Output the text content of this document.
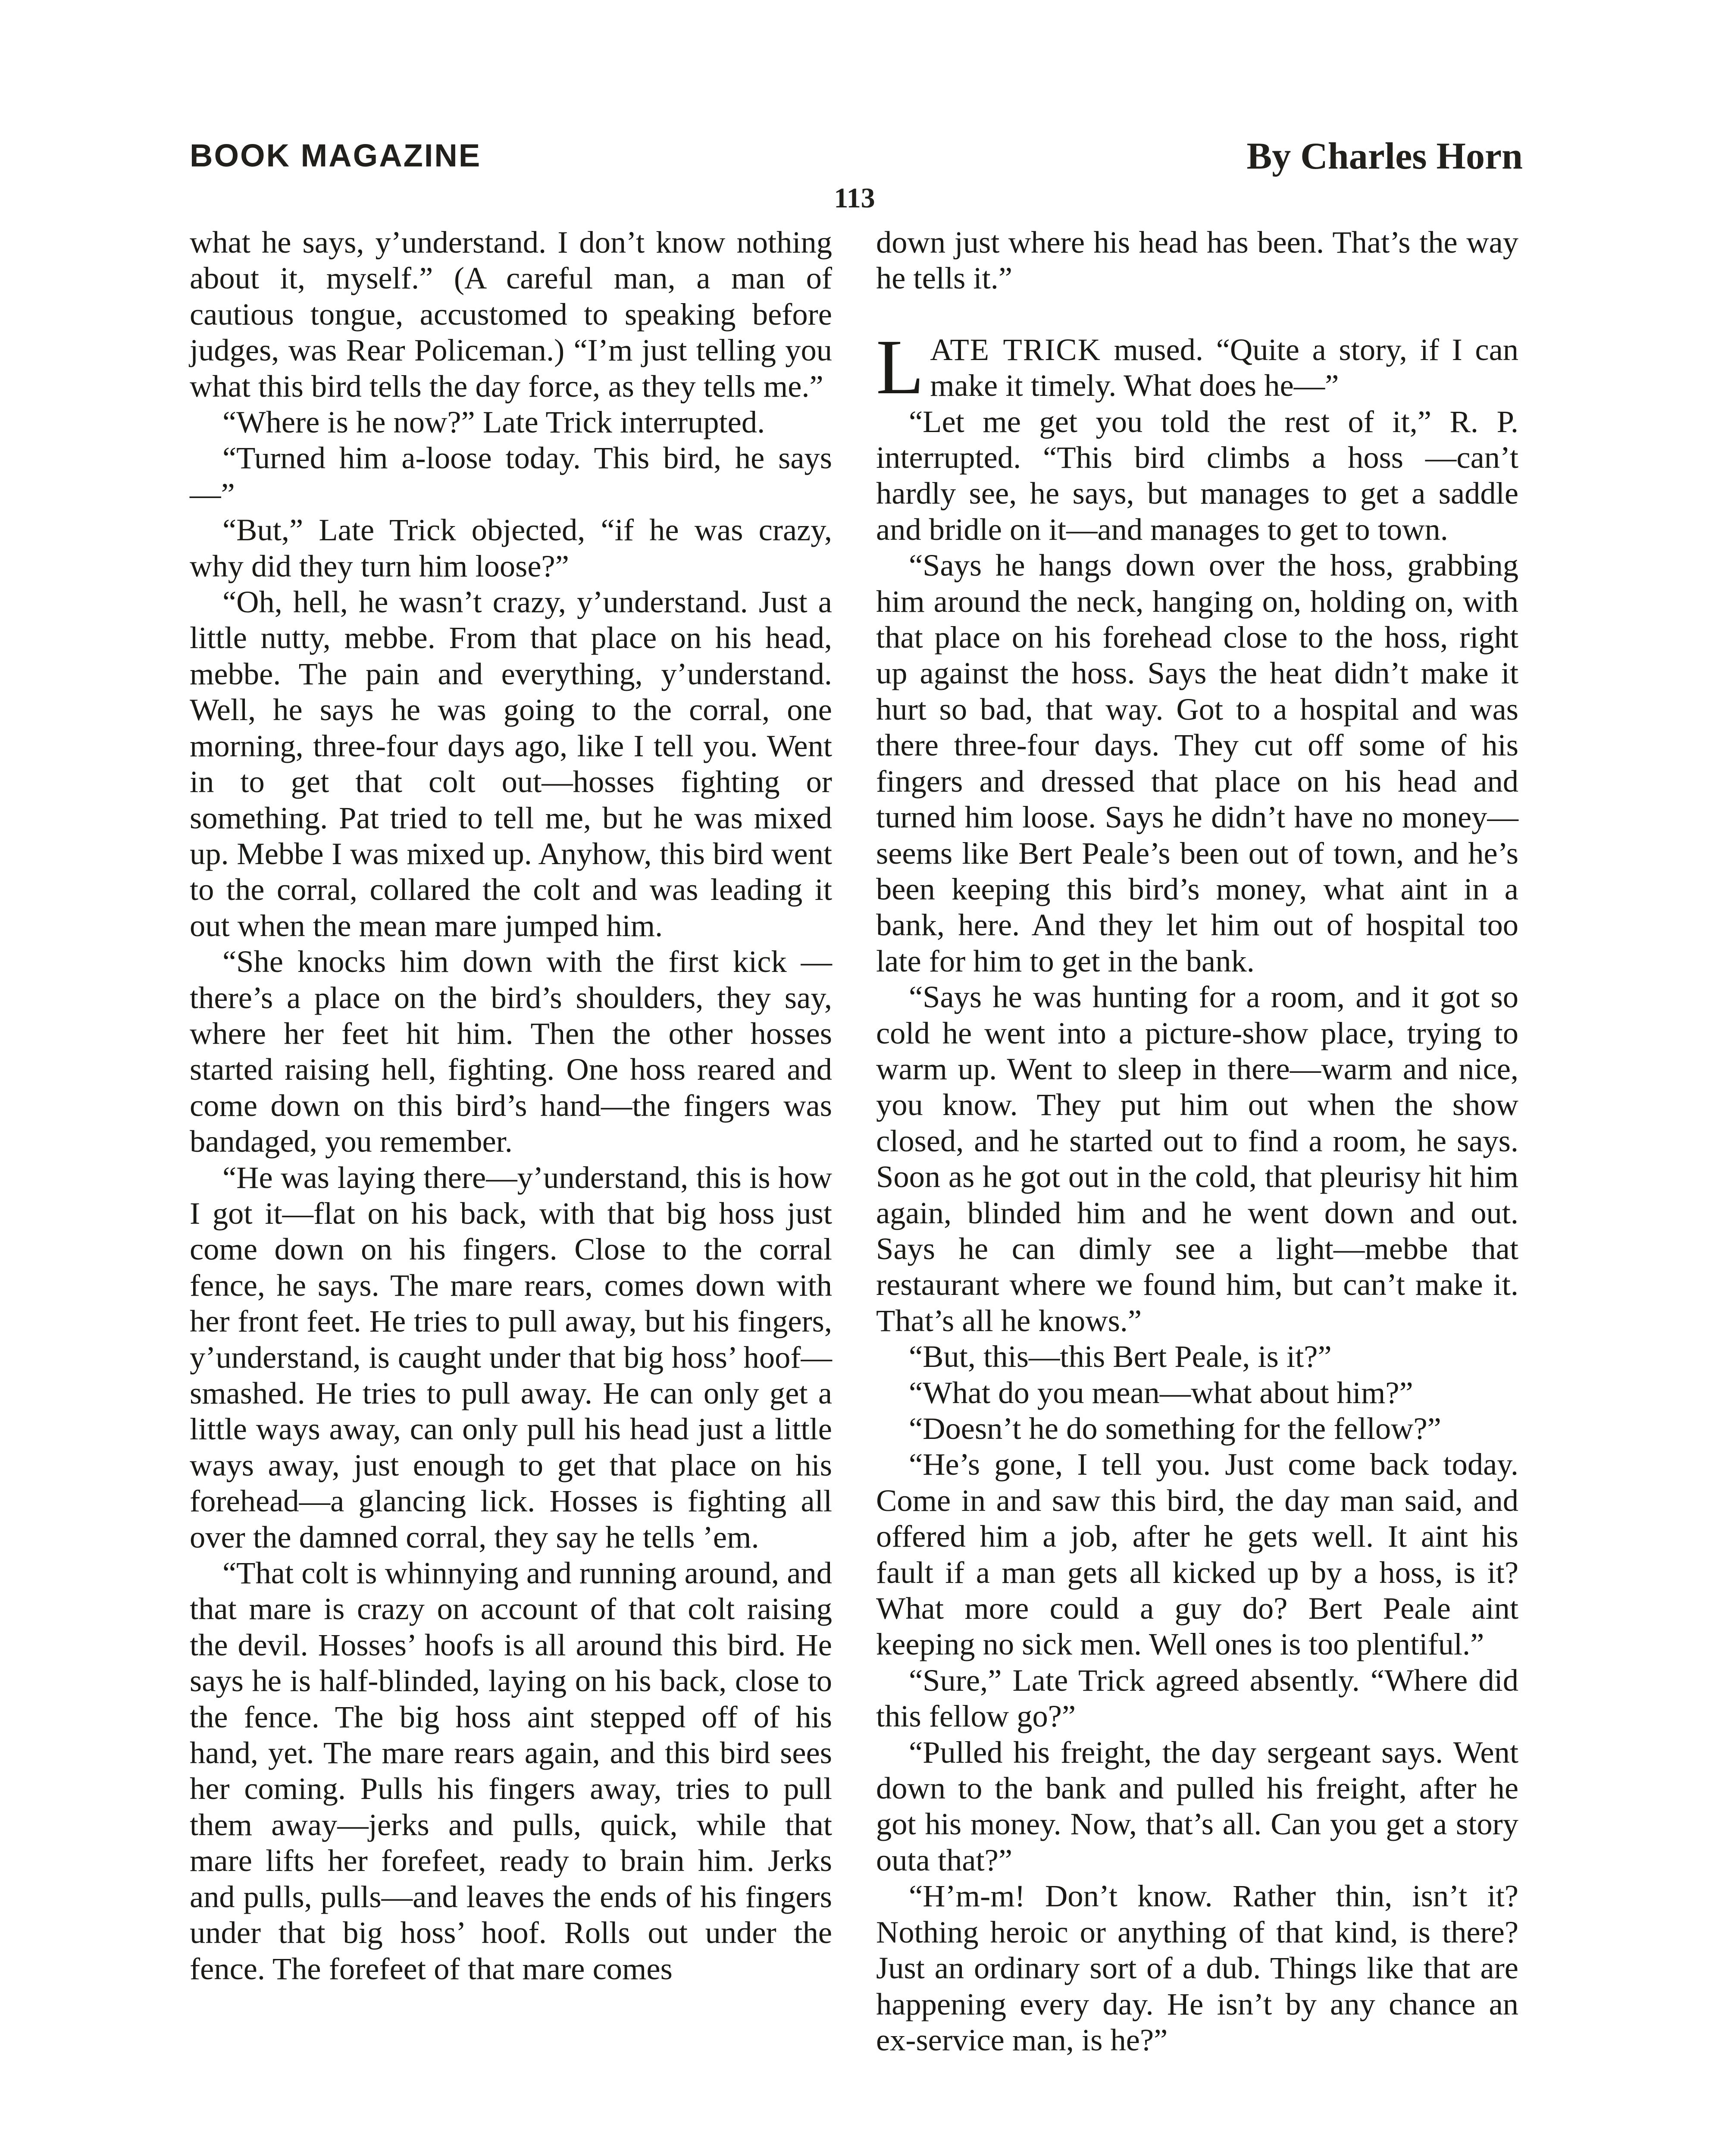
BOOK MAGAZINE	By Charles Horn
113

what he says, y’understand. I don’t know nothing about it, myself.” (A careful man, a man of cautious tongue, accustomed to speaking before judges, was Rear Policeman.) “I’m just telling you what this bird tells the day force, as they tells me.”

“Where is he now?” Late Trick interrupted.

“Turned him a-loose today. This bird, he says—”

“But,” Late Trick objected, “if he was crazy, why did they turn him loose?”

“Oh, hell, he wasn’t crazy, y’understand. Just a little nutty, mebbe. From that place on his head, mebbe. The pain and everything, y’understand. Well, he says he was going to the corral, one morning, three-four days ago, like I tell you. Went in to get that colt out—hosses fighting or something. Pat tried to tell me, but he was mixed up. Mebbe I was mixed up. Anyhow, this bird went to the corral, collared the colt and was leading it out when the mean mare jumped him.

“She knocks him down with the first kick —there’s a place on the bird’s shoulders, they say, where her feet hit him. Then the other hosses started raising hell, fighting. One hoss reared and come down on this bird’s hand—the fingers was bandaged, you remember.

“He was laying there—y’understand, this is how I got it—flat on his back, with that big hoss just come down on his fingers. Close to the corral fence, he says. The mare rears, comes down with her front feet. He tries to pull away, but his fingers, y’understand, is caught under that big hoss’ hoof—smashed. He tries to pull away. He can only get a little ways away, can only pull his head just a little ways away, just enough to get that place on his forehead—a glancing lick. Hosses is fighting all over the damned corral, they say he tells ’em.

“That colt is whinnying and running around, and that mare is crazy on account of that colt raising the devil. Hosses’ hoofs is all around this bird. He says he is half-blinded, laying on his back, close to the fence. The big hoss aint stepped off of his hand, yet. The mare rears again, and this bird sees her coming. Pulls his fingers away, tries to pull them away—jerks and pulls, quick, while that mare lifts her forefeet, ready to brain him. Jerks and pulls, pulls—and leaves the ends of his fingers under that big hoss’ hoof. Rolls out under the fence. The forefeet of that mare comes

down just where his head has been. That’s the way he tells it.”

LATE TRICK mused. “Quite a story, if I can make it timely. What does he—”

“Let me get you told the rest of it,” R. P. interrupted. “This bird climbs a hoss —can’t hardly see, he says, but manages to get a saddle and bridle on it—and manages to get to town.

“Says he hangs down over the hoss, grabbing him around the neck, hanging on, holding on, with that place on his forehead close to the hoss, right up against the hoss. Says the heat didn’t make it hurt so bad, that way. Got to a hospital and was there three-four days. They cut off some of his fingers and dressed that place on his head and turned him loose. Says he didn’t have no money—seems like Bert Peale’s been out of town, and he’s been keeping this bird’s money, what aint in a bank, here. And they let him out of hospital too late for him to get in the bank.

“Says he was hunting for a room, and it got so cold he went into a picture-show place, trying to warm up. Went to sleep in there—warm and nice, you know. They put him out when the show closed, and he started out to find a room, he says. Soon as he got out in the cold, that pleurisy hit him again, blinded him and he went down and out. Says he can dimly see a light—mebbe that restaurant where we found him, but can’t make it. That’s all he knows.”

“But, this—this Bert Peale, is it?”

“What do you mean—what about him?”

“Doesn’t he do something for the fellow?”

“He’s gone, I tell you. Just come back today. Come in and saw this bird, the day man said, and offered him a job, after he gets well. It aint his fault if a man gets all kicked up by a hoss, is it? What more could a guy do? Bert Peale aint keeping no sick men. Well ones is too plentiful.”

“Sure,” Late Trick agreed absently. “Where did this fellow go?”

“Pulled his freight, the day sergeant says. Went down to the bank and pulled his freight, after he got his money. Now, that’s all. Can you get a story outa that?”

“H’m-m! Don’t know. Rather thin, isn’t it? Nothing heroic or anything of that kind, is there? Just an ordinary sort of a dub. Things like that are happening every day. He isn’t by any chance an ex-service man, is he?”
